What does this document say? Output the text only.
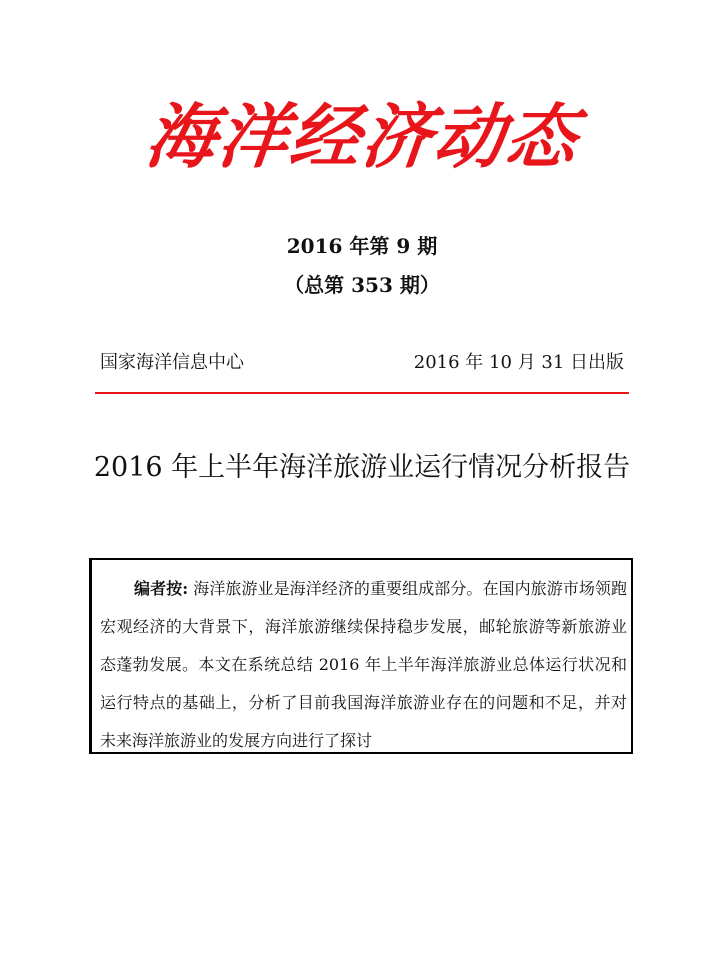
海洋经济动态
2016 年第 9 期
（总第 353 期）
国家海洋信息中心	2016 年 10 月 31 日出版
2016 年上半年海洋旅游业运行情况分析报告

编者按: 海洋旅游业是海洋经济的重要组成部分。在国内旅游市场领跑宏观经济的大背景下，海洋旅游继续保持稳步发展，邮轮旅游等新旅游业态蓬勃发展。本文在系统总结 2016 年上半年海洋旅游业总体运行状况和运行特点的基础上，分析了目前我国海洋旅游业存在的问题和不足，并对未来海洋旅游业的发展方向进行了探讨
